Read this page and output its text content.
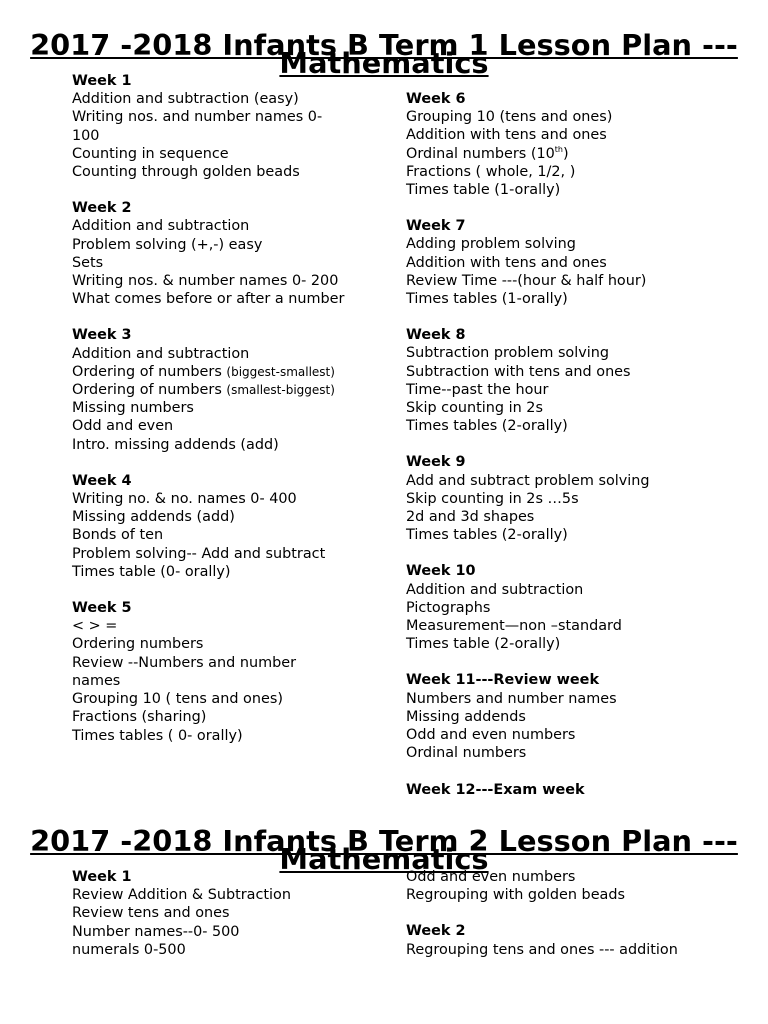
2017 -2018 Infants B Term 1 Lesson Plan --- Mathematics
Week 1
Addition and subtraction (easy)
Writing nos. and number names 0-
100
Counting in sequence
Counting through golden beads
Week 2
Addition and subtraction
Problem solving (+,-) easy
Sets
Writing nos. & number names 0- 200
What comes before or after a number
Week 3
Addition and subtraction
Ordering of numbers (biggest-smallest)
Ordering of numbers (smallest-biggest)
Missing numbers
Odd and even
Intro. missing addends (add)
Week 4
Writing no. & no. names 0- 400
Missing addends (add)
Bonds of ten
Problem solving-- Add and subtract
Times table (0- orally)
Week 5
< > =
Ordering numbers
Review --Numbers and number
names
Grouping 10 ( tens and ones)
Fractions (sharing)
Times tables ( 0- orally)
Week 6
Grouping 10 (tens and ones)
Addition with tens and ones
Ordinal numbers (10th)
Fractions ( whole, 1/2, )
Times table (1-orally)
Week 7
Adding problem solving
Addition with tens and ones
Review Time ---(hour & half hour)
Times tables (1-orally)
Week 8
Subtraction problem solving
Subtraction with tens and ones
Time--past the hour
Skip counting in 2s
Times tables (2-orally)
Week 9
Add and subtract problem solving
Skip counting in 2s …5s
2d and 3d shapes
Times tables (2-orally)
Week 10
Addition and subtraction
Pictographs
Measurement—non –standard
Times table (2-orally)
Week 11---Review week
Numbers and number names
Missing addends
Odd and even numbers
Ordinal numbers
Week 12---Exam week
2017 -2018 Infants B Term 2 Lesson Plan --- Mathematics
Week 1
Review Addition & Subtraction
Review tens and ones
Number names--0- 500
numerals 0-500
Odd and even numbers
Regrouping with golden beads
Week 2
Regrouping tens and ones --- addition
